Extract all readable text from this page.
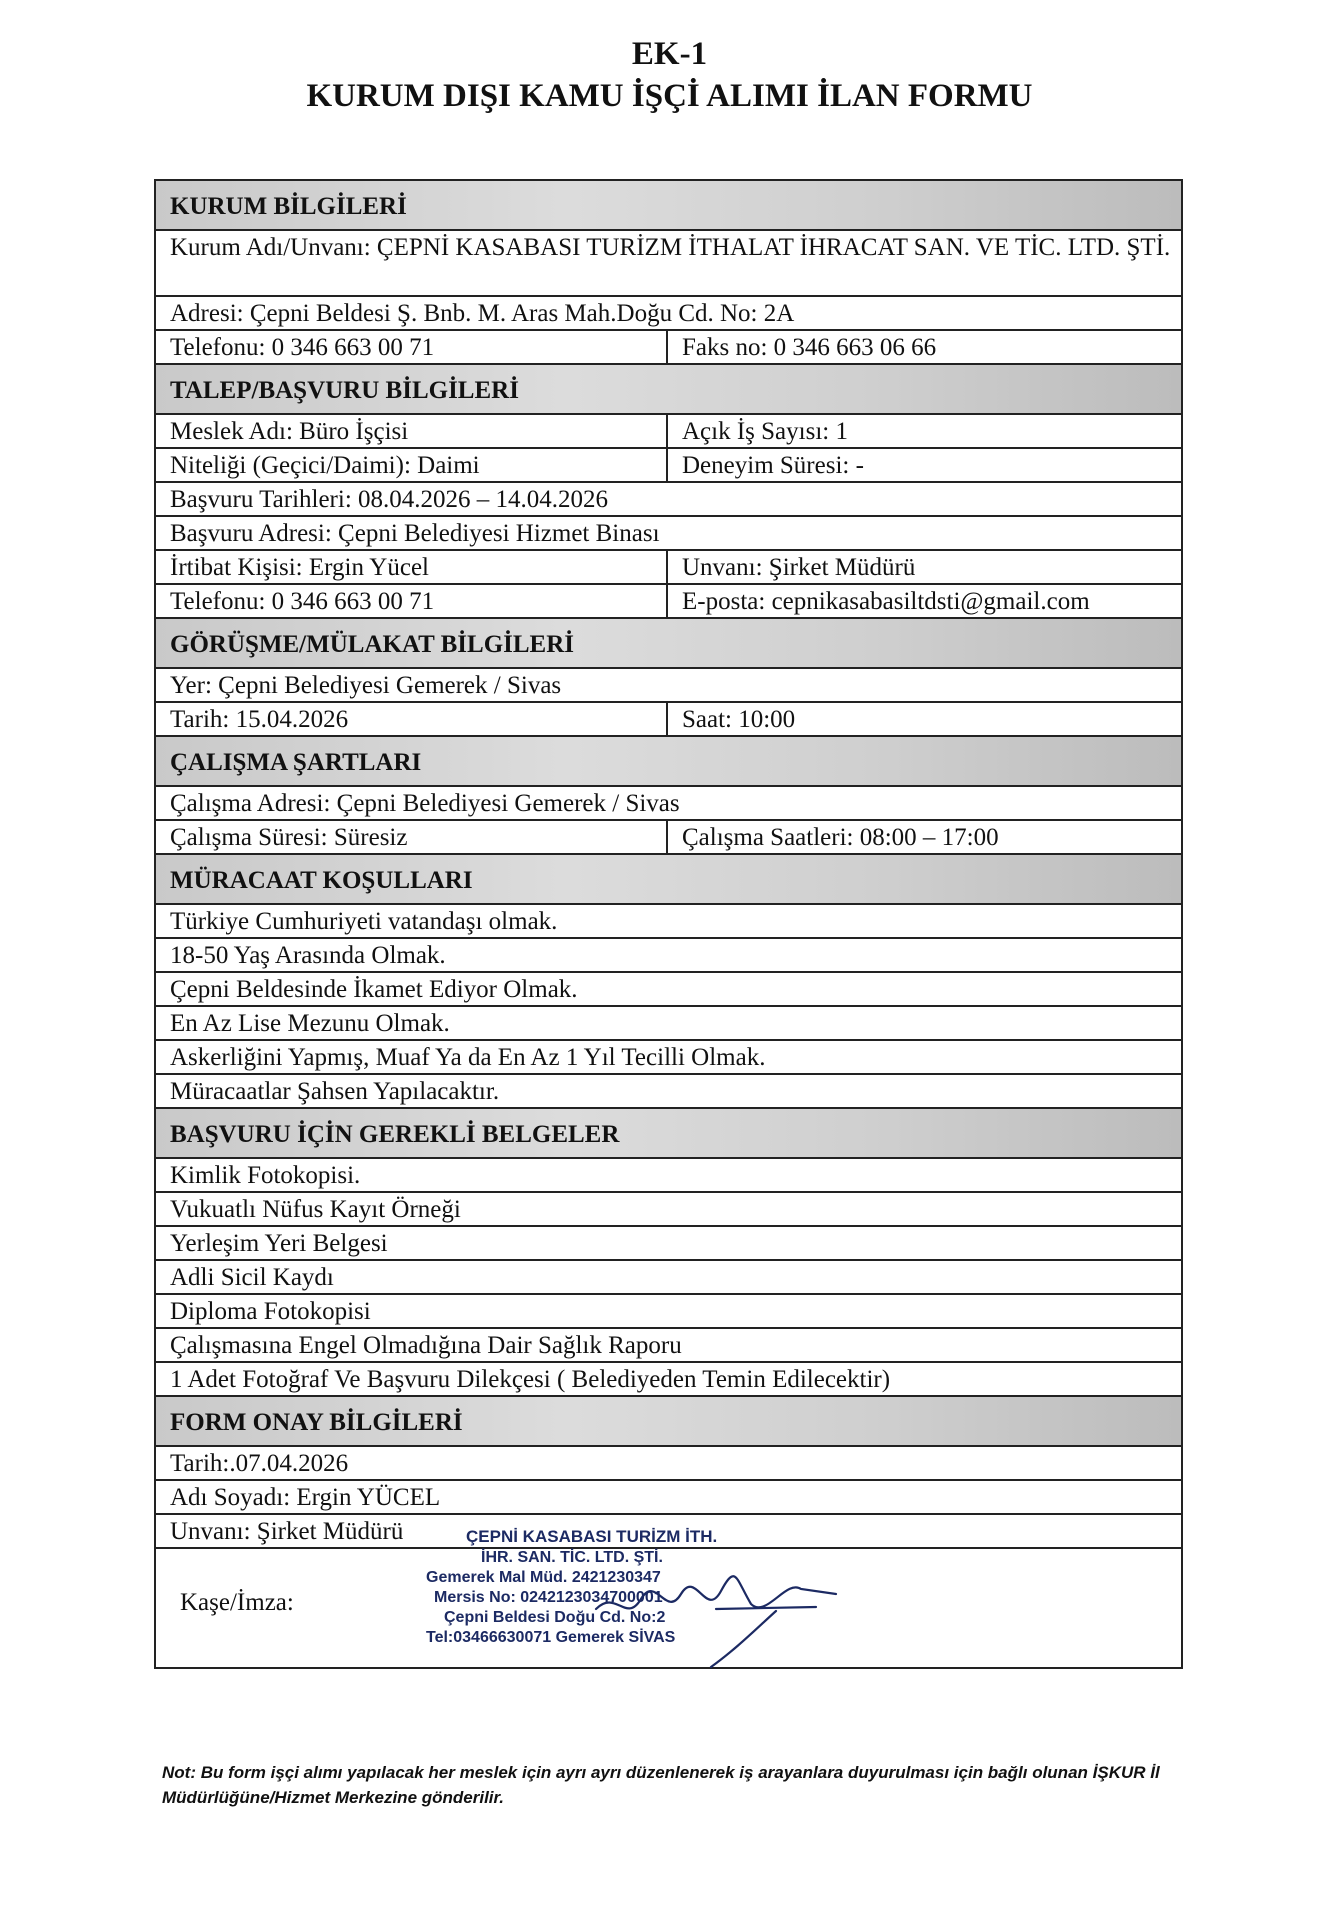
EK-1
KURUM DIŞI KAMU İŞÇİ ALIMI İLAN FORMU
KURUM BİLGİLERİ
Kurum Adı/Unvanı: ÇEPNİ KASABASI TURİZM İTHALAT İHRACAT SAN. VE TİC. LTD. ŞTİ.
Adresi: Çepni Beldesi Ş. Bnb. M. Aras Mah.Doğu Cd. No: 2A
Telefonu: 0 346 663 00 71	Faks no: 0 346 663 06 66
TALEP/BAŞVURU BİLGİLERİ
Meslek Adı: Büro İşçisi	Açık İş Sayısı: 1
Niteliği (Geçici/Daimi): Daimi	Deneyim Süresi: -
Başvuru Tarihleri: 08.04.2026 – 14.04.2026
Başvuru Adresi: Çepni Belediyesi Hizmet Binası
İrtibat Kişisi: Ergin Yücel	Unvanı: Şirket Müdürü
Telefonu: 0 346 663 00 71	E-posta: cepnikasabasiltdsti@gmail.com
GÖRÜŞME/MÜLAKAT BİLGİLERİ
Yer: Çepni Belediyesi Gemerek / Sivas
Tarih: 15.04.2026	Saat: 10:00
ÇALIŞMA ŞARTLARI
Çalışma Adresi: Çepni Belediyesi Gemerek / Sivas
Çalışma Süresi: Süresiz	Çalışma Saatleri: 08:00 – 17:00
MÜRACAAT KOŞULLARI
Türkiye Cumhuriyeti vatandaşı olmak.
18-50 Yaş Arasında Olmak.
Çepni Beldesinde İkamet Ediyor Olmak.
En Az Lise Mezunu Olmak.
Askerliğini Yapmış, Muaf Ya da En Az 1 Yıl Tecilli Olmak.
Müracaatlar Şahsen Yapılacaktır.
BAŞVURU İÇİN GEREKLİ BELGELER
Kimlik Fotokopisi.
Vukuatlı Nüfus Kayıt Örneği
Yerleşim Yeri Belgesi
Adli Sicil Kaydı
Diploma Fotokopisi
Çalışmasına Engel Olmadığına Dair Sağlık Raporu
1 Adet Fotoğraf Ve Başvuru Dilekçesi ( Belediyeden Temin Edilecektir)
FORM ONAY BİLGİLERİ
Tarih:.07.04.2026
Adı Soyadı: Ergin YÜCEL
Unvanı: Şirket Müdürü
Kaşe/İmza:
ÇEPNİ KASABASI TURİZM İTH.
İHR. SAN. TİC. LTD. ŞTİ.
Gemerek Mal Müd. 2421230347
Mersis No: 0242123034700001
Çepni Beldesi Doğu Cd. No:2
Tel:03466630071 Gemerek SİVAS
Not: Bu form işçi alımı yapılacak her meslek için ayrı ayrı düzenlenerek iş arayanlara duyurulması için bağlı olunan İŞKUR İl Müdürlüğüne/Hizmet Merkezine gönderilir.
